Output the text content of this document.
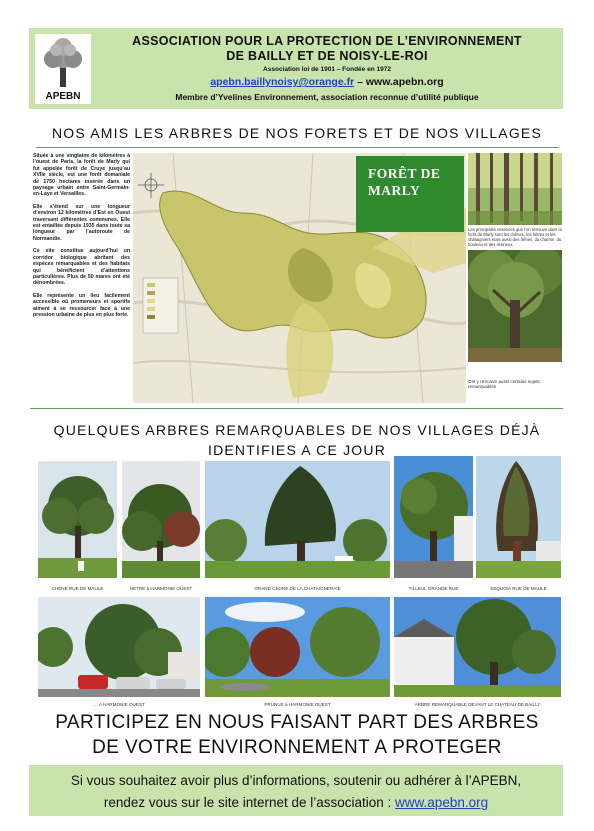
APEBN
ASSOCIATION POUR LA PROTECTION DE L’ENVIRONNEMENT
DE BAILLY ET DE NOISY-LE-ROI
Association loi de 1901 – Fondée en 1972
apebn.baillynoisy@orange.fr – www.apebn.org
Membre d’Yvelines Environnement, association reconnue d’utilité publique
NOS AMIS LES ARBRES DE NOS FORETS ET DE NOS VILLAGES

Située à une vingtaine de kilomètres à l’ouest de Paris, la forêt de Marly qui fut appelée forêt de Cruye jusqu’au XVIIe siècle, est une forêt domaniale de 1750 hectares insérée dans un paysage urbain entre Saint-Germain-en-Laye et Versailles.

Elle s’étend sur une longueur d’environ 12 kilomètres d’Est en Ouest traversant différentes communes. Elle est entaillée depuis 1935 dans toute sa longueur par l’autoroute de Normandie.

Ce site constitue aujourd’hui un corridor biologique abritant des espèces remarquables et des habitats qui bénéficient d’attentions particulières. Plus de 50 mares ont été dénombrées.

Elle représente un lieu facilement accessible où promeneurs et sportifs aiment à se ressourcer face à une pression urbaine de plus en plus forte.

FORÊT DE
MARLY
Les principales essences que l’on retrouve dans la forêt de Marly sont les chênes, les hêtres et les châtaigniers mais aussi des frênes, du charme, du bouleau et des résineux.
Ont y retrouve aussi certains sujets remarquables
QUELQUES ARBRES REMARQUABLES DE NOS VILLAGES DÉJÀ
IDENTIFIES A CE JOUR
CHENE RUE DE MAULE	HETRE à HARMONIE OUEST	GRAND CEDRE DE LA CHATAIGNERAIE	TILLEUL GRANDE RUE	SEQUOIA RUE DE MAULE
… A HARMONIE OUEST	PRUNUS à HARMONIE OUEST	ARBRE REMARQUABLE DEVANT LE CHATEAU DE BAILLY
PARTICIPEZ EN NOUS FAISANT PART DES ARBRES
DE VOTRE ENVIRONNEMENT A PROTEGER
Si vous souhaitez avoir plus d’informations, soutenir ou adhérer à l’APEBN,
rendez vous sur le site internet de l’association : www.apebn.org
